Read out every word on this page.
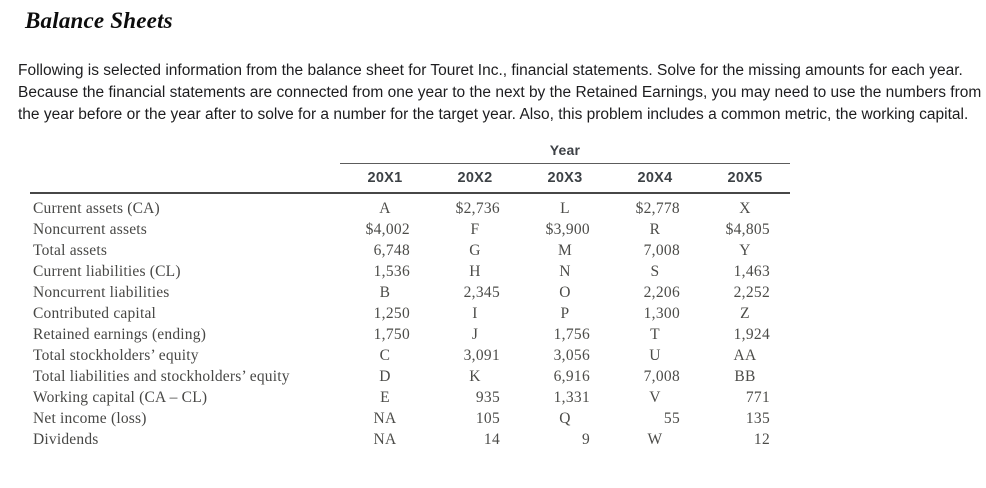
Balance Sheets
Following is selected information from the balance sheet for Touret Inc., financial statements. Solve for the missing amounts for each year.
Because the financial statements are connected from one year to the next by the Retained Earnings, you may need to use the numbers from
the year before or the year after to solve for a number for the target year. Also, this problem includes a common metric, the working capital.
	Year				
	20X1	20X2	20X3	20X4	20X5
Current assets (CA)	A	$2,736	L	$2,778	X
Noncurrent assets	$4,002	F	$3,900	R	$4,805
Total assets	6,748	G	M	7,008	Y
Current liabilities (CL)	1,536	H	N	S	1,463
Noncurrent liabilities	B	2,345	O	2,206	2,252
Contributed capital	1,250	I	P	1,300	Z
Retained earnings (ending)	1,750	J	1,756	T	1,924
Total stockholders’ equity	C	3,091	3,056	U	AA
Total liabilities and stockholders’ equity	D	K	6,916	7,008	BB
Working capital (CA – CL)	E	935	1,331	V	771
Net income (loss)	NA	105	Q	55	135
Dividends	NA	14	9	W	12
